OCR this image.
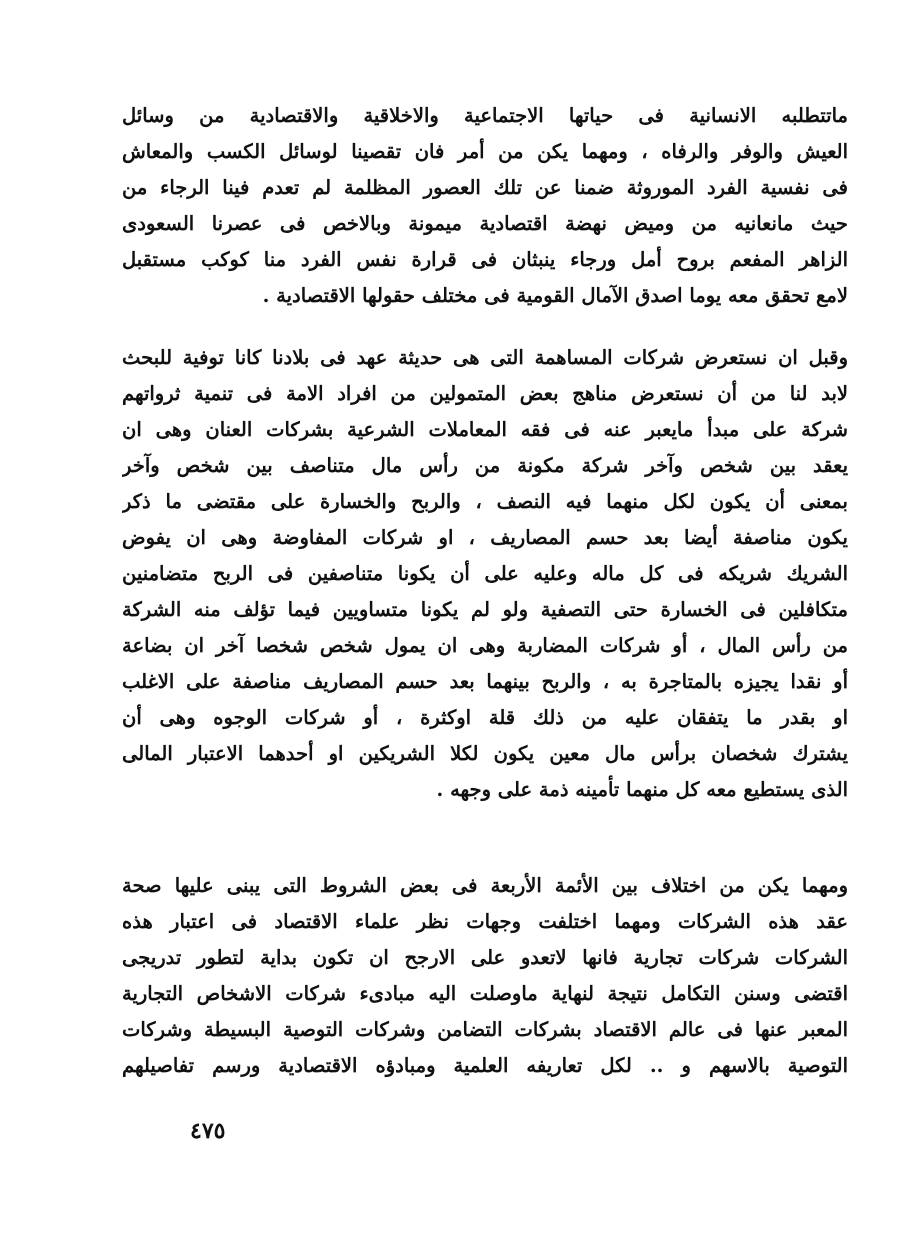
ماتتطلبه الانسانية فى حياتها الاجتماعية والاخلاقية والاقتصادية من وسائل
العيش والوفر والرفاه ، ومهما يكن من أمر فان تقصينا لوسائل الكسب والمعاش
فى نفسية الفرد الموروثة ضمنا عن تلك العصور المظلمة لم تعدم فينا الرجاء من
حيث مانعانيه من وميض نهضة اقتصادية ميمونة وبالاخص فى عصرنا السعودى
الزاهر المفعم بروح أمل ورجاء ينبثان فى قرارة نفس الفرد منا كوكب مستقبل
لامع تحقق معه يوما اصدق الآمال القومية فى مختلف حقولها الاقتصادية .
وقبل ان نستعرض شركات المساهمة التى هى حديثة عهد فى بلادنا كانا توفية للبحث
لابد لنا من أن نستعرض مناهج بعض المتمولين من افراد الامة فى تنمية ثرواتهم
شركة على مبدأ مايعبر عنه فى فقه المعاملات الشرعية بشركات العنان وهى ان
يعقد بين شخص وآخر شركة مكونة من رأس مال متناصف بين شخص وآخر
بمعنى أن يكون لكل منهما فيه النصف ، والربح والخسارة على مقتضى ما ذكر
يكون مناصفة أيضا بعد حسم المصاريف ، او شركات المفاوضة وهى ان يفوض
الشريك شريكه فى كل ماله وعليه على أن يكونا متناصفين فى الربح متضامنين
متكافلين فى الخسارة حتى التصفية ولو لم يكونا متساويين فيما تؤلف منه الشركة
من رأس المال ، أو شركات المضاربة وهى ان يمول شخص شخصا آخر ان بضاعة
أو نقدا يجيزه بالمتاجرة به ، والربح بينهما بعد حسم المصاريف مناصفة على الاغلب
او بقدر ما يتفقان عليه من ذلك قلة اوكثرة ، أو شركات الوجوه وهى أن
يشترك شخصان برأس مال معين يكون لكلا الشريكين او أحدهما الاعتبار المالى
الذى يستطيع معه كل منهما تأمينه ذمة على وجهه .
ومهما يكن من اختلاف بين الأئمة الأربعة فى بعض الشروط التى يبنى عليها صحة
عقد هذه الشركات ومهما اختلفت وجهات نظر علماء الاقتصاد فى اعتبار هذه
الشركات شركات تجارية فانها لاتعدو على الارجح ان تكون بداية لتطور تدريجى
اقتضى وسنن التكامل نتيجة لنهاية ماوصلت اليه مبادىء شركات الاشخاص التجارية
المعبر عنها فى عالم الاقتصاد بشركات التضامن وشركات التوصية البسيطة وشركات
التوصية بالاسهم و .. لكل تعاريفه العلمية ومبادؤه الاقتصادية ورسم تفاصيلهم
٤٧٥
